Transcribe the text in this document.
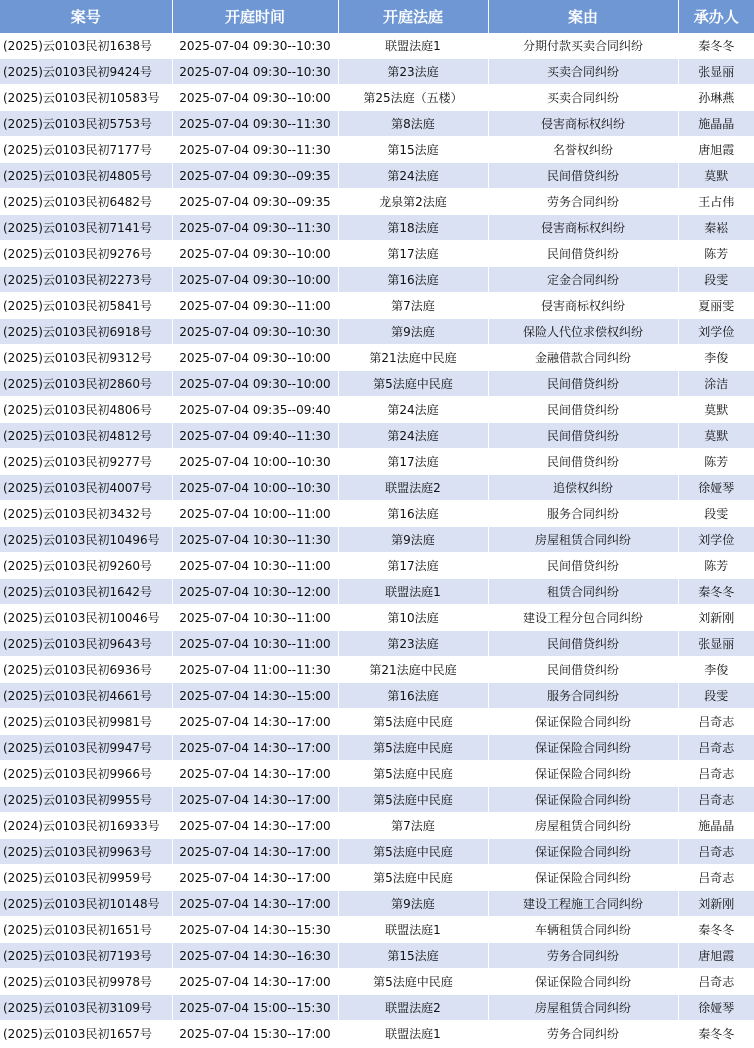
案号	开庭时间	开庭法庭	案由	承办人
(2025)云0103民初1638号	2025-07-04 09:30--10:30	联盟法庭1	分期付款买卖合同纠纷	秦冬冬
(2025)云0103民初9424号	2025-07-04 09:30--10:30	第23法庭	买卖合同纠纷	张显丽
(2025)云0103民初10583号	2025-07-04 09:30--10:00	第25法庭（五楼）	买卖合同纠纷	孙琳燕
(2025)云0103民初5753号	2025-07-04 09:30--11:30	第8法庭	侵害商标权纠纷	施晶晶
(2025)云0103民初7177号	2025-07-04 09:30--11:30	第15法庭	名誉权纠纷	唐旭霞
(2025)云0103民初4805号	2025-07-04 09:30--09:35	第24法庭	民间借贷纠纷	莫默
(2025)云0103民初6482号	2025-07-04 09:30--09:35	龙泉第2法庭	劳务合同纠纷	王占伟
(2025)云0103民初7141号	2025-07-04 09:30--11:30	第18法庭	侵害商标权纠纷	秦崧
(2025)云0103民初9276号	2025-07-04 09:30--10:00	第17法庭	民间借贷纠纷	陈芳
(2025)云0103民初2273号	2025-07-04 09:30--10:00	第16法庭	定金合同纠纷	段雯
(2025)云0103民初5841号	2025-07-04 09:30--11:00	第7法庭	侵害商标权纠纷	夏丽雯
(2025)云0103民初6918号	2025-07-04 09:30--10:30	第9法庭	保险人代位求偿权纠纷	刘学俭
(2025)云0103民初9312号	2025-07-04 09:30--10:00	第21法庭中民庭	金融借款合同纠纷	李俊
(2025)云0103民初2860号	2025-07-04 09:30--10:00	第5法庭中民庭	民间借贷纠纷	涂洁
(2025)云0103民初4806号	2025-07-04 09:35--09:40	第24法庭	民间借贷纠纷	莫默
(2025)云0103民初4812号	2025-07-04 09:40--11:30	第24法庭	民间借贷纠纷	莫默
(2025)云0103民初9277号	2025-07-04 10:00--10:30	第17法庭	民间借贷纠纷	陈芳
(2025)云0103民初4007号	2025-07-04 10:00--10:30	联盟法庭2	追偿权纠纷	徐娅琴
(2025)云0103民初3432号	2025-07-04 10:00--11:00	第16法庭	服务合同纠纷	段雯
(2025)云0103民初10496号	2025-07-04 10:30--11:30	第9法庭	房屋租赁合同纠纷	刘学俭
(2025)云0103民初9260号	2025-07-04 10:30--11:00	第17法庭	民间借贷纠纷	陈芳
(2025)云0103民初1642号	2025-07-04 10:30--12:00	联盟法庭1	租赁合同纠纷	秦冬冬
(2025)云0103民初10046号	2025-07-04 10:30--11:00	第10法庭	建设工程分包合同纠纷	刘新刚
(2025)云0103民初9643号	2025-07-04 10:30--11:00	第23法庭	民间借贷纠纷	张显丽
(2025)云0103民初6936号	2025-07-04 11:00--11:30	第21法庭中民庭	民间借贷纠纷	李俊
(2025)云0103民初4661号	2025-07-04 14:30--15:00	第16法庭	服务合同纠纷	段雯
(2025)云0103民初9981号	2025-07-04 14:30--17:00	第5法庭中民庭	保证保险合同纠纷	吕奇志
(2025)云0103民初9947号	2025-07-04 14:30--17:00	第5法庭中民庭	保证保险合同纠纷	吕奇志
(2025)云0103民初9966号	2025-07-04 14:30--17:00	第5法庭中民庭	保证保险合同纠纷	吕奇志
(2025)云0103民初9955号	2025-07-04 14:30--17:00	第5法庭中民庭	保证保险合同纠纷	吕奇志
(2024)云0103民初16933号	2025-07-04 14:30--17:00	第7法庭	房屋租赁合同纠纷	施晶晶
(2025)云0103民初9963号	2025-07-04 14:30--17:00	第5法庭中民庭	保证保险合同纠纷	吕奇志
(2025)云0103民初9959号	2025-07-04 14:30--17:00	第5法庭中民庭	保证保险合同纠纷	吕奇志
(2025)云0103民初10148号	2025-07-04 14:30--17:00	第9法庭	建设工程施工合同纠纷	刘新刚
(2025)云0103民初1651号	2025-07-04 14:30--15:30	联盟法庭1	车辆租赁合同纠纷	秦冬冬
(2025)云0103民初7193号	2025-07-04 14:30--16:30	第15法庭	劳务合同纠纷	唐旭霞
(2025)云0103民初9978号	2025-07-04 14:30--17:00	第5法庭中民庭	保证保险合同纠纷	吕奇志
(2025)云0103民初3109号	2025-07-04 15:00--15:30	联盟法庭2	房屋租赁合同纠纷	徐娅琴
(2025)云0103民初1657号	2025-07-04 15:30--17:00	联盟法庭1	劳务合同纠纷	秦冬冬
